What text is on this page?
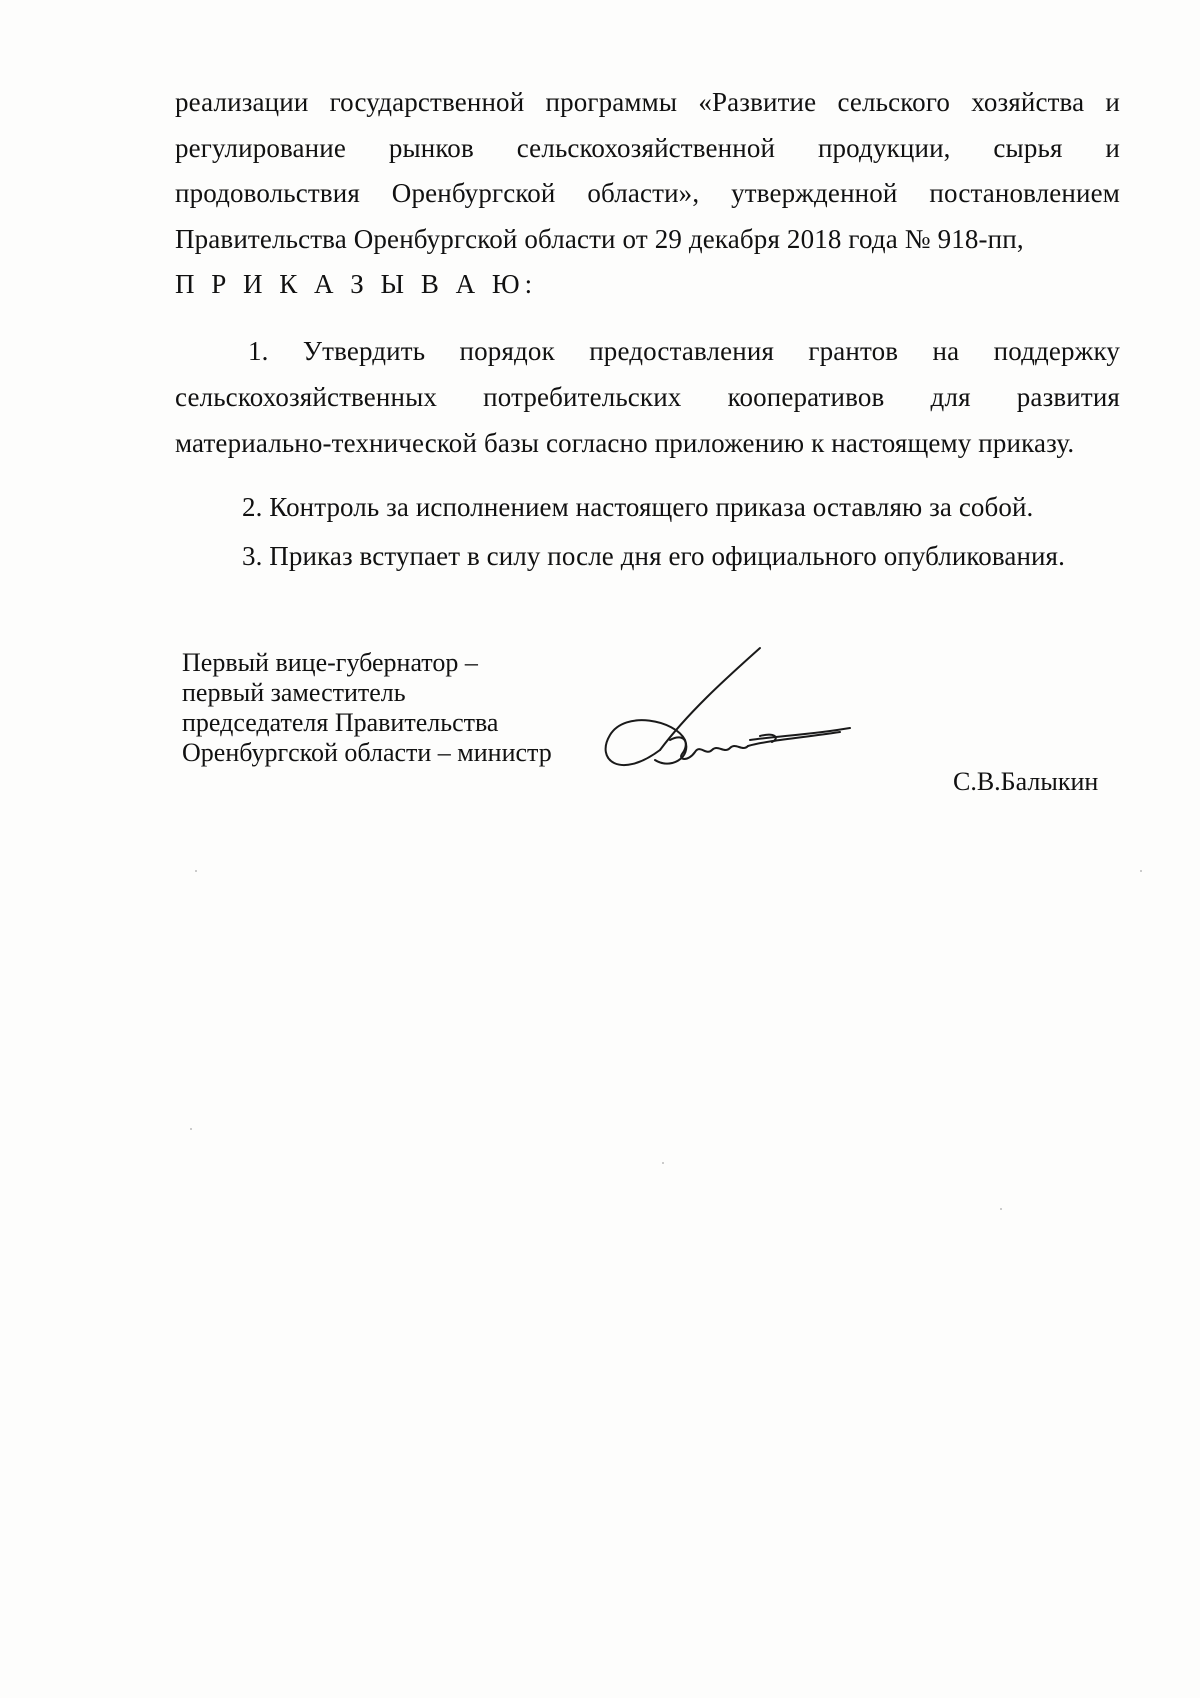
реализации государственной программы «Развитие сельского хозяйства и регулирование рынков сельскохозяйственной продукции, сырья и продовольствия Оренбургской области», утвержденной постановлением Правительства Оренбургской области от 29 декабря 2018 года № 918-пп,
П Р И К А З Ы В А Ю:
1. Утвердить порядок предоставления грантов на поддержку сельскохозяйственных потребительских кооперативов для развития материально-технической базы согласно приложению к настоящему приказу.
2. Контроль за исполнением настоящего приказа оставляю за собой.
3. Приказ вступает в силу после дня его официального опубликования.
Первый вице-губернатор –
первый заместитель
председателя Правительства
Оренбургской области – министр
С.В.Балыкин
